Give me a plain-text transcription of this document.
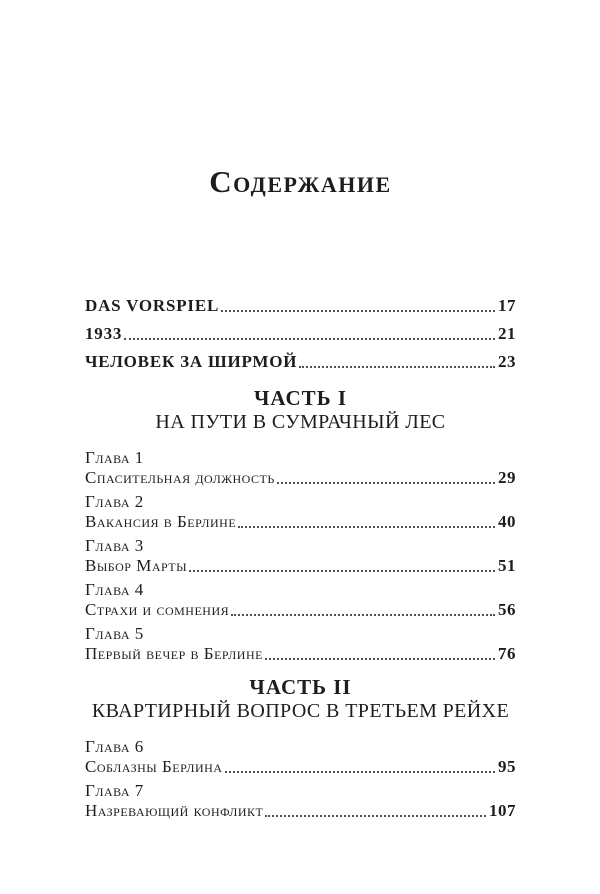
Содержание
DAS VORSPIEL	17
1933	21
ЧЕЛОВЕК ЗА ШИРМОЙ	23
ЧАСТЬ I
НА ПУТИ В СУМРАЧНЫЙ ЛЕС
Глава 1
Спасительная должность	29
Глава 2
Вакансия в Берлине	40
Глава 3
Выбор Марты	51
Глава 4
Страхи и сомнения	56
Глава 5
Первый вечер в Берлине	76
ЧАСТЬ II
КВАРТИРНЫЙ ВОПРОС В ТРЕТЬЕМ РЕЙХЕ
Глава 6
Соблазны Берлина	95
Глава 7
Назревающий конфликт	107
